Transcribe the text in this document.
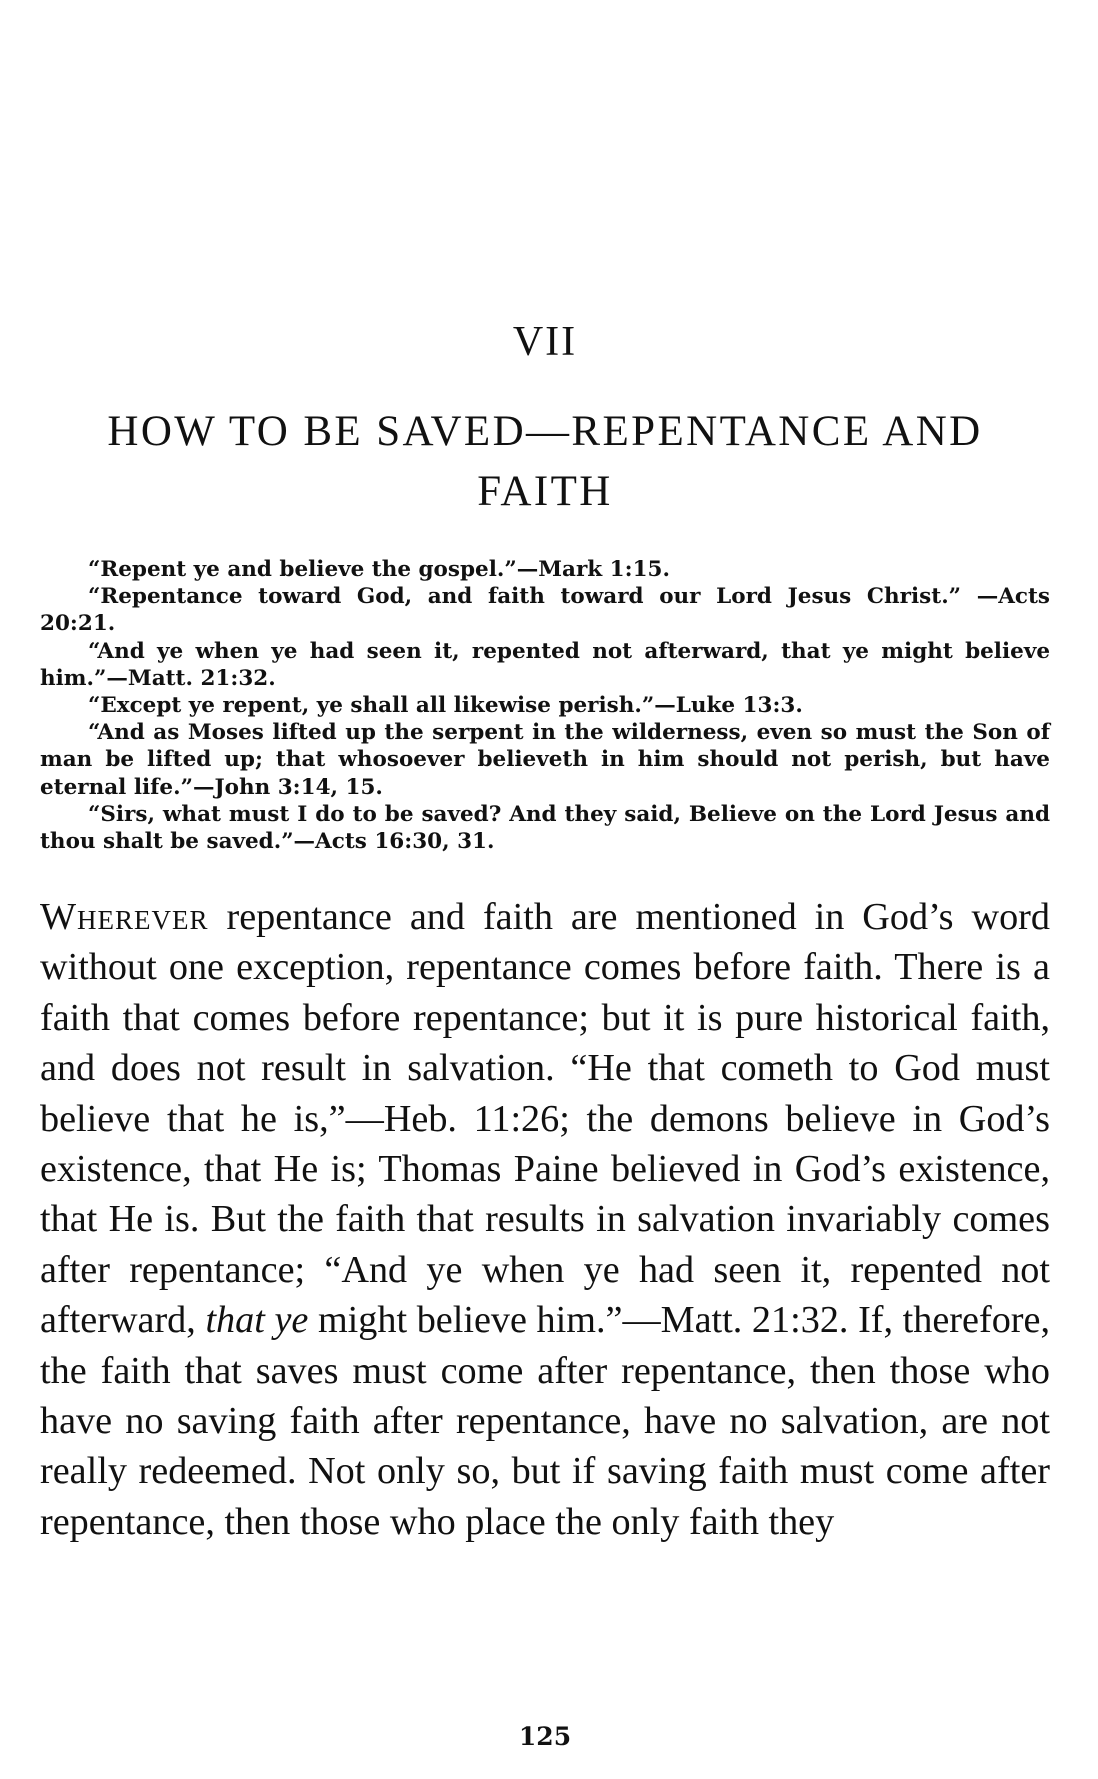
VII
HOW TO BE SAVED—REPENTANCE AND
FAITH

“Repent ye and believe the gospel.”—Mark 1:15.

“Repentance toward God, and faith toward our Lord Jesus Christ.” —Acts 20:21.

“And ye when ye had seen it, repented not afterward, that ye might believe him.”—Matt. 21:32.

“Except ye repent, ye shall all likewise perish.”—Luke 13:3.

“And as Moses lifted up the serpent in the wilderness, even so must the Son of man be lifted up; that whosoever believeth in him should not perish, but have eternal life.”—John 3:14, 15.

“Sirs, what must I do to be saved? And they said, Believe on the Lord Jesus and thou shalt be saved.”—Acts 16:30, 31.

Wherever repentance and faith are mentioned in God’s word without one exception, repentance comes before faith. There is a faith that comes before repentance; but it is pure historical faith, and does not result in salvation. “He that cometh to God must believe that he is,”—Heb. 11:26; the demons believe in God’s existence, that He is; Thomas Paine believed in God’s existence, that He is. But the faith that results in salvation invariably comes after repentance; “And ye when ye had seen it, repented not afterward, that ye might believe him.”—Matt. 21:32. If, therefore, the faith that saves must come after repentance, then those who have no saving faith after repentance, have no salvation, are not really redeemed. Not only so, but if saving faith must come after repentance, then those who place the only faith they

125
